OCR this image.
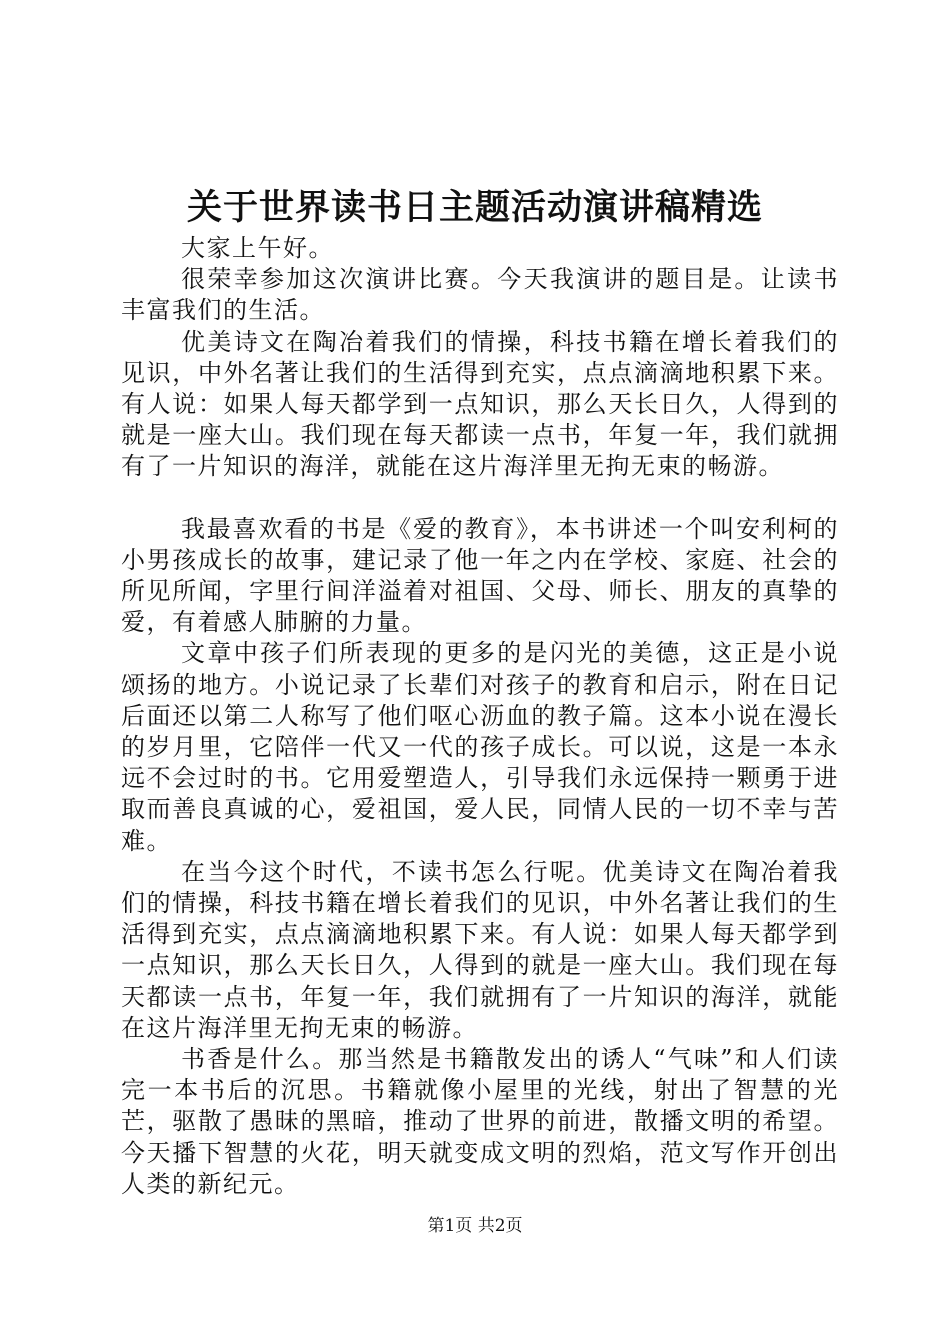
关于世界读书日主题活动演讲稿精选

大家上午好。

很荣幸参加这次演讲比赛。今天我演讲的题目是。让读书丰富我们的生活。

优美诗文在陶冶着我们的情操，科技书籍在增长着我们的见识，中外名著让我们的生活得到充实，点点滴滴地积累下来。有人说：如果人每天都学到一点知识，那么天长日久，人得到的就是一座大山。我们现在每天都读一点书，年复一年，我们就拥有了一片知识的海洋，就能在这片海洋里无拘无束的畅游。

我最喜欢看的书是《爱的教育》，本书讲述一个叫安利柯的小男孩成长的故事，建记录了他一年之内在学校、家庭、社会的所见所闻，字里行间洋溢着对祖国、父母、师长、朋友的真挚的爱，有着感人肺腑的力量。

文章中孩子们所表现的更多的是闪光的美德，这正是小说颂扬的地方。小说记录了长辈们对孩子的教育和启示，附在日记后面还以第二人称写了他们呕心沥血的教子篇。这本小说在漫长的岁月里，它陪伴一代又一代的孩子成长。可以说，这是一本永远不会过时的书。它用爱塑造人，引导我们永远保持一颗勇于进取而善良真诚的心，爱祖国，爱人民，同情人民的一切不幸与苦难。

在当今这个时代，不读书怎么行呢。优美诗文在陶冶着我们的情操，科技书籍在增长着我们的见识，中外名著让我们的生活得到充实，点点滴滴地积累下来。有人说：如果人每天都学到一点知识，那么天长日久，人得到的就是一座大山。我们现在每天都读一点书，年复一年，我们就拥有了一片知识的海洋，就能在这片海洋里无拘无束的畅游。

书香是什么。那当然是书籍散发出的诱人“气味”和人们读完一本书后的沉思。书籍就像小屋里的光线，射出了智慧的光芒，驱散了愚昧的黑暗，推动了世界的前进，散播文明的希望。今天播下智慧的火花，明天就变成文明的烈焰，范文写作开创出人类的新纪元。

第1页 共2页
